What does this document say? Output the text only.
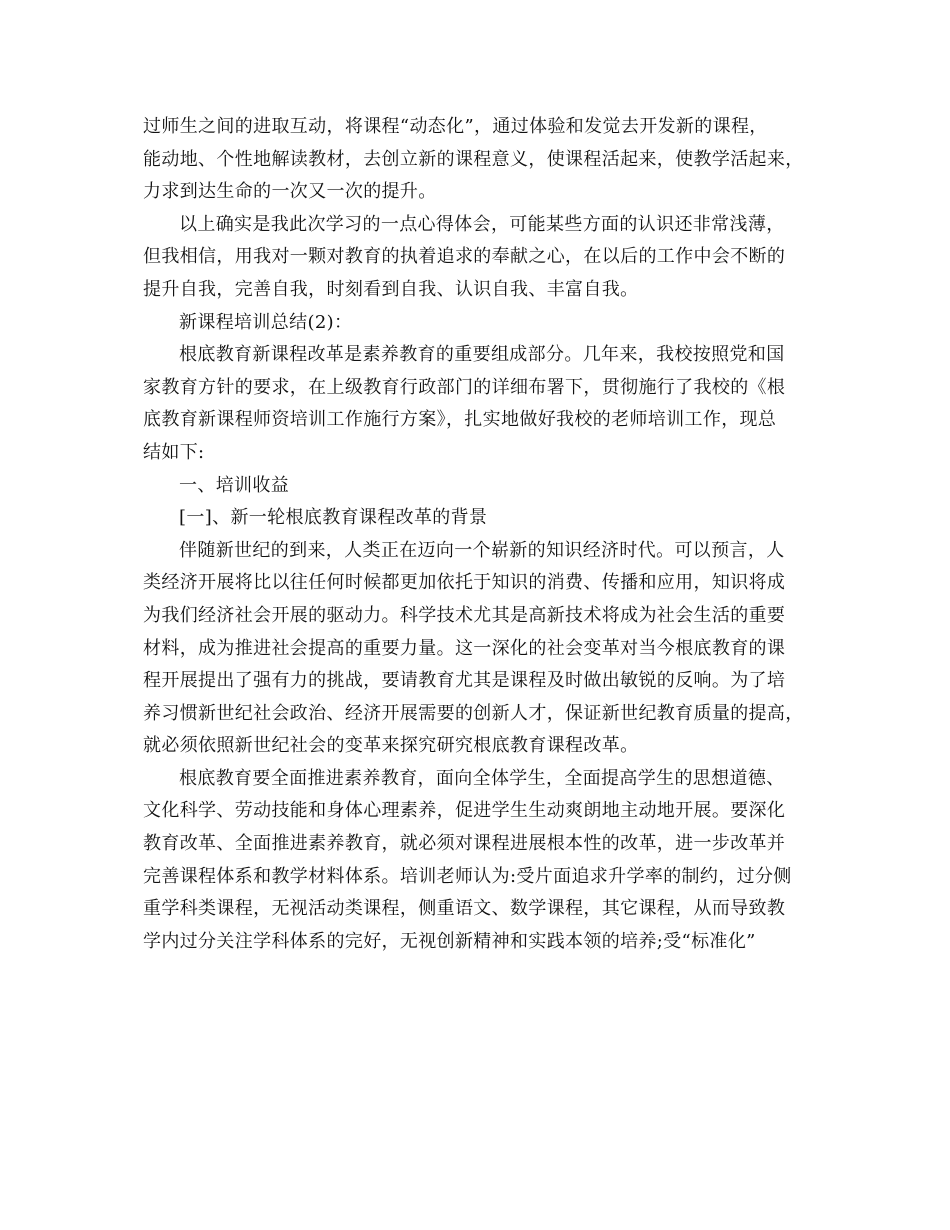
过师生之间的进取互动，将课程“动态化”，通过体验和发觉去开发新的课程，
能动地、个性地解读教材，去创立新的课程意义，使课程活起来，使教学活起来，
力求到达生命的一次又一次的提升。
以上确实是我此次学习的一点心得体会，可能某些方面的认识还非常浅薄，
但我相信，用我对一颗对教育的执着追求的奉献之心，在以后的工作中会不断的
提升自我，完善自我，时刻看到自我、认识自我、丰富自我。
新课程培训总结(2)：
根底教育新课程改革是素养教育的重要组成部分。几年来，我校按照党和国
家教育方针的要求，在上级教育行政部门的详细布署下，贯彻施行了我校的《根
底教育新课程师资培训工作施行方案》，扎实地做好我校的老师培训工作，现总
结如下:
一、培训收益
[一]、新一轮根底教育课程改革的背景
伴随新世纪的到来，人类正在迈向一个崭新的知识经济时代。可以预言，人
类经济开展将比以往任何时候都更加依托于知识的消费、传播和应用，知识将成
为我们经济社会开展的驱动力。科学技术尤其是高新技术将成为社会生活的重要
材料，成为推进社会提高的重要力量。这一深化的社会变革对当今根底教育的课
程开展提出了强有力的挑战，要请教育尤其是课程及时做出敏锐的反响。为了培
养习惯新世纪社会政治、经济开展需要的创新人才，保证新世纪教育质量的提高，
就必须依照新世纪社会的变革来探究研究根底教育课程改革。
根底教育要全面推进素养教育，面向全体学生，全面提高学生的思想道德、
文化科学、劳动技能和身体心理素养，促进学生生动爽朗地主动地开展。要深化
教育改革、全面推进素养教育，就必须对课程进展根本性的改革，进一步改革并
完善课程体系和教学材料体系。培训老师认为:受片面追求升学率的制约，过分侧
重学科类课程，无视活动类课程，侧重语文、数学课程，其它课程，从而导致教
学内过分关注学科体系的完好，无视创新精神和实践本领的培养;受“标准化”
